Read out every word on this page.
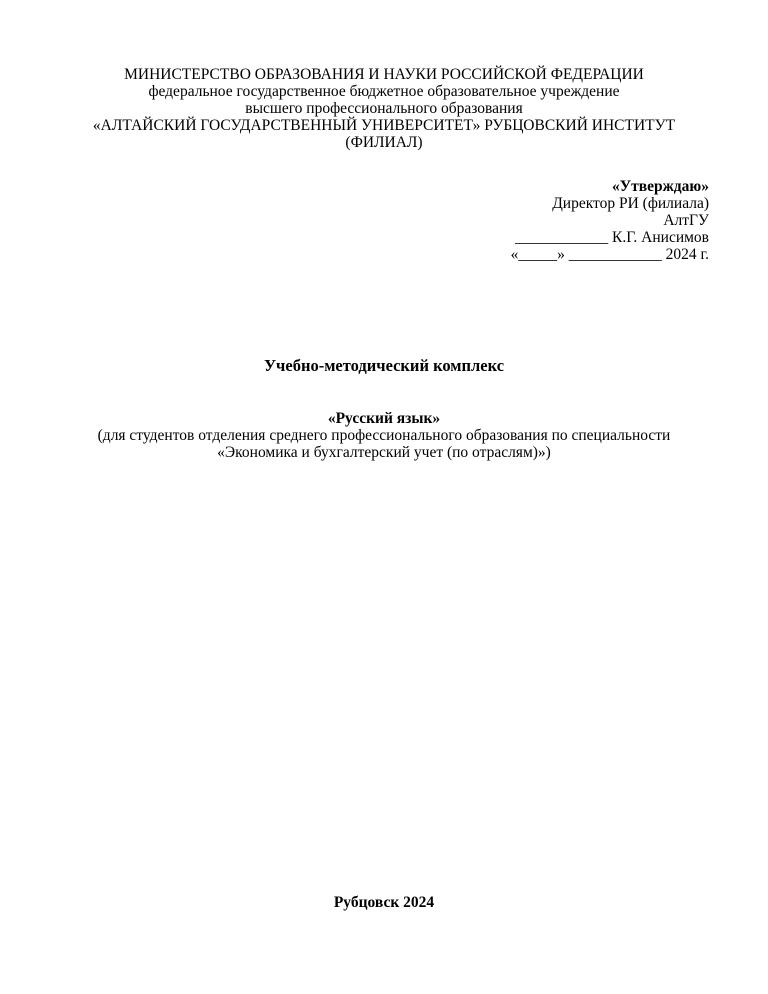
МИНИСТЕРСТВО ОБРАЗОВАНИЯ И НАУКИ РОССИЙСКОЙ ФЕДЕРАЦИИ
федеральное государственное бюджетное образовательное учреждение
высшего профессионального образования
«АЛТАЙСКИЙ ГОСУДАРСТВЕННЫЙ УНИВЕРСИТЕТ» РУБЦОВСКИЙ ИНСТИТУТ
(ФИЛИАЛ)
«Утверждаю»
Директор РИ (филиала)
АлтГУ
____________ К.Г. Анисимов
«_____» ____________ 2024 г.
Учебно-методический комплекс
«Русский язык»
(для студентов отделения среднего профессионального образования по специальности
«Экономика и бухгалтерский учет (по отраслям)»)
Рубцовск 2024
